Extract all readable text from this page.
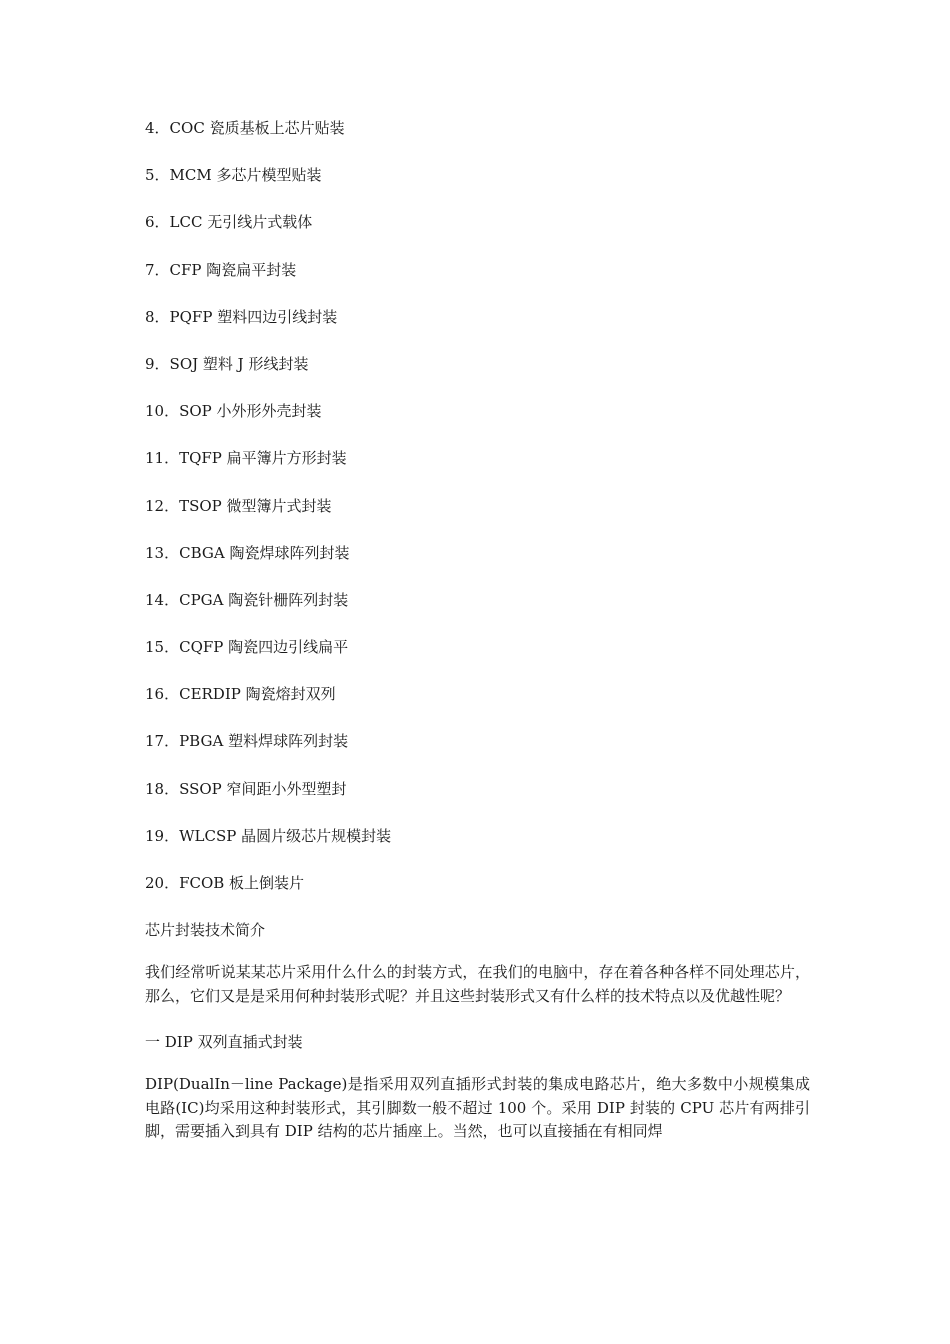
4．COC 瓷质基板上芯片贴装
5．MCM 多芯片模型贴装
6．LCC 无引线片式载体
7．CFP 陶瓷扁平封装
8．PQFP 塑料四边引线封装
9．SOJ 塑料 J 形线封装
10．SOP 小外形外壳封装
11．TQFP 扁平簿片方形封装
12．TSOP 微型簿片式封装
13．CBGA 陶瓷焊球阵列封装
14．CPGA 陶瓷针栅阵列封装
15．CQFP 陶瓷四边引线扁平
16．CERDIP 陶瓷熔封双列
17．PBGA 塑料焊球阵列封装
18．SSOP 窄间距小外型塑封
19．WLCSP 晶圆片级芯片规模封装
20．FCOB 板上倒装片
芯片封装技术简介

我们经常听说某某芯片采用什么什么的封装方式，在我们的电脑中，存在着各种各样不同处理芯片，那么，它们又是是采用何种封装形式呢？并且这些封装形式又有什么样的技术特点以及优越性呢？

一 DIP 双列直插式封装

DIP(DualIn－line Package)是指采用双列直插形式封装的集成电路芯片，绝大多数中小规模集成电路(IC)均采用这种封装形式，其引脚数一般不超过 100 个。采用 DIP 封装的 CPU 芯片有两排引脚，需要插入到具有 DIP 结构的芯片插座上。当然，也可以直接插在有相同焊
